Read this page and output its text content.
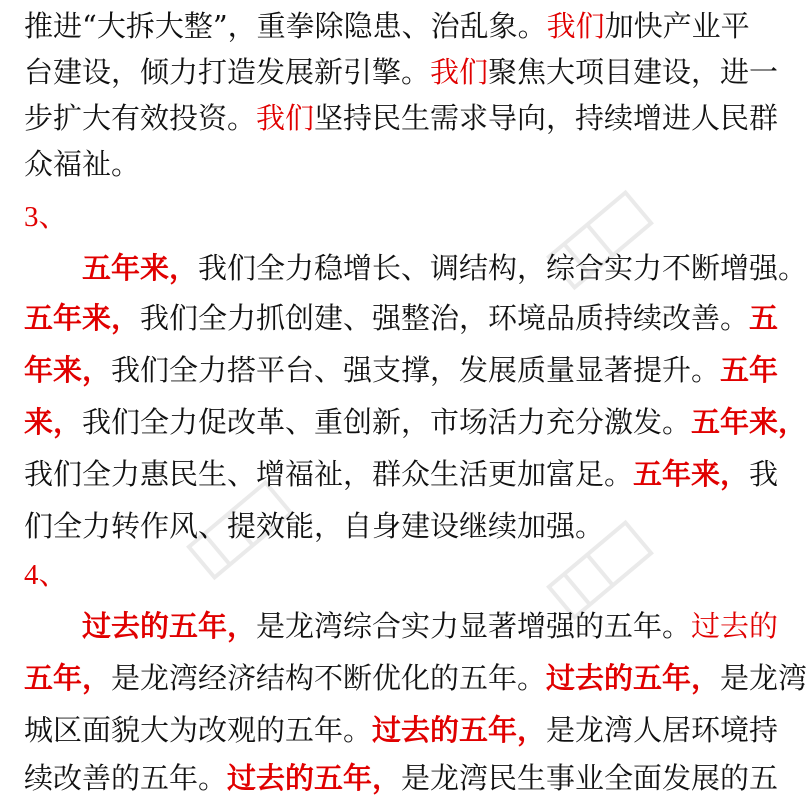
推进“大拆大整”，重拳除隐患、治乱象。我们加快产业平
台建设，倾力打造发展新引擎。我们聚焦大项目建设，进一
步扩大有效投资。我们坚持民生需求导向，持续增进人民群
众福祉。
3、
五年来，我们全力稳增长、调结构，综合实力不断增强。
五年来，我们全力抓创建、强整治，环境品质持续改善。五
年来，我们全力搭平台、强支撑，发展质量显著提升。五年
来，我们全力促改革、重创新，市场活力充分激发。五年来，
我们全力惠民生、增福祉，群众生活更加富足。五年来，我
们全力转作风、提效能，自身建设继续加强。
4、
过去的五年，是龙湾综合实力显著增强的五年。过去的
五年，是龙湾经济结构不断优化的五年。过去的五年，是龙湾
城区面貌大为改观的五年。过去的五年，是龙湾人居环境持
续改善的五年。过去的五年，是龙湾民生事业全面发展的五
